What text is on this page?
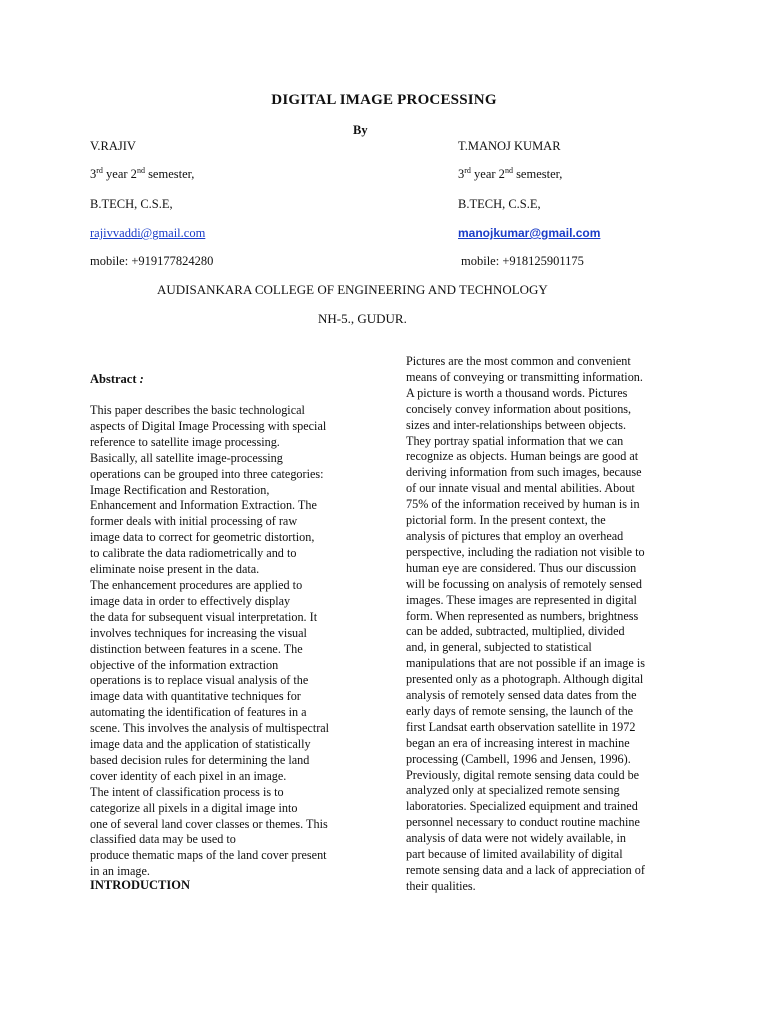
DIGITAL IMAGE PROCESSING
By
V.RAJIV
3rd year 2nd semester,
B.TECH, C.S.E,
rajivvaddi@gmail.com
mobile: +919177824280
T.MANOJ KUMAR
3rd year 2nd semester,
B.TECH, C.S.E,
manojkumar@gmail.com
mobile: +918125901175
AUDISANKARA COLLEGE OF ENGINEERING AND TECHNOLOGY
NH-5., GUDUR.
Abstract :
This paper describes the basic technological
aspects of Digital Image Processing with special
reference to satellite image processing.
Basically, all satellite image-processing
operations can be grouped into three categories:
Image Rectification and Restoration,
Enhancement and Information Extraction. The
former deals with initial processing of raw
image data to correct for geometric distortion,
to calibrate the data radiometrically and to
eliminate noise present in the data.
The enhancement procedures are applied to
image data in order to effectively display
the data for subsequent visual interpretation. It
involves techniques for increasing the visual
distinction between features in a scene. The
objective of the information extraction
operations is to replace visual analysis of the
image data with quantitative techniques for
automating the identification of features in a
scene. This involves the analysis of multispectral
image data and the application of statistically
based decision rules for determining the land
cover identity of each pixel in an image.
The intent of classification process is to
categorize all pixels in a digital image into
one of several land cover classes or themes. This
classified data may be used to
produce thematic maps of the land cover present
in an image.
INTRODUCTION
Pictures are the most common and convenient
means of conveying or transmitting information.
A picture is worth a thousand words. Pictures
concisely convey information about positions,
sizes and inter-relationships between objects.
They portray spatial information that we can
recognize as objects. Human beings are good at
deriving information from such images, because
of our innate visual and mental abilities. About
75% of the information received by human is in
pictorial form. In the present context, the
analysis of pictures that employ an overhead
perspective, including the radiation not visible to
human eye are considered. Thus our discussion
will be focussing on analysis of remotely sensed
images. These images are represented in digital
form. When represented as numbers, brightness
can be added, subtracted, multiplied, divided
and, in general, subjected to statistical
manipulations that are not possible if an image is
presented only as a photograph. Although digital
analysis of remotely sensed data dates from the
early days of remote sensing, the launch of the
first Landsat earth observation satellite in 1972
began an era of increasing interest in machine
processing (Cambell, 1996 and Jensen, 1996).
Previously, digital remote sensing data could be
analyzed only at specialized remote sensing
laboratories. Specialized equipment and trained
personnel necessary to conduct routine machine
analysis of data were not widely available, in
part because of limited availability of digital
remote sensing data and a lack of appreciation of
their qualities.
